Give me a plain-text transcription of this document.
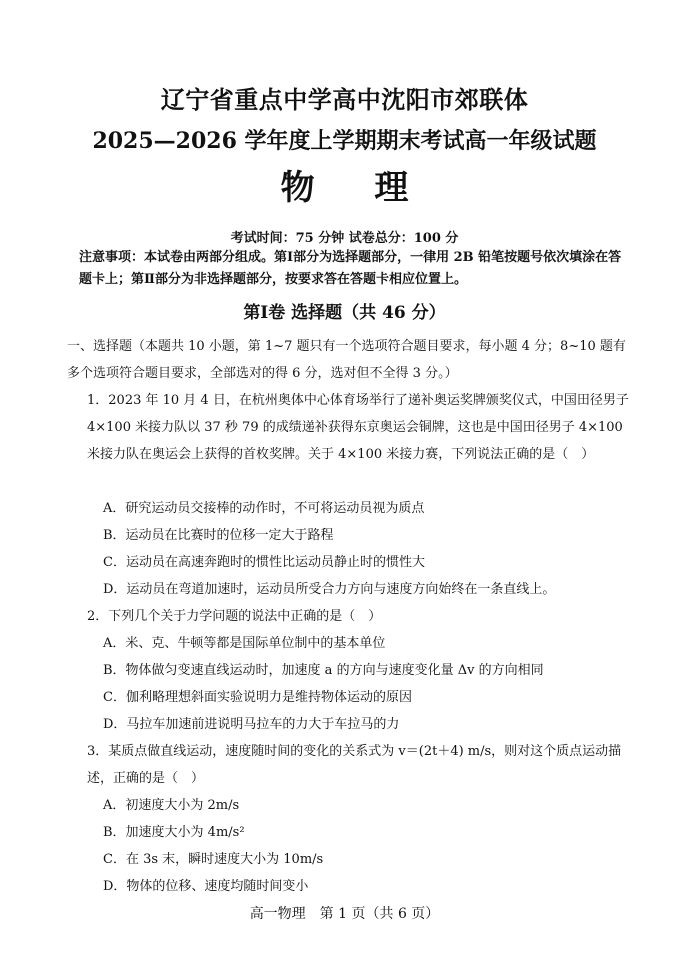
辽宁省重点中学高中沈阳市郊联体
2025—2026 学年度上学期期末考试高一年级试题
物 理
考试时间：75 分钟 试卷总分：100 分
注意事项：本试卷由两部分组成。第Ⅰ部分为选择题部分，一律用 2B 铅笔按题号依次填涂在答题卡上；第Ⅱ部分为非选择题部分，按要求答在答题卡相应位置上。
第Ⅰ卷 选择题（共 46 分）
一、选择题（本题共 10 小题，第 1~7 题只有一个选项符合题目要求，每小题 4 分；8~10 题有多个选项符合题目要求，全部选对的得 6 分，选对但不全得 3 分。）
1．2023 年 10 月 4 日，在杭州奥体中心体育场举行了递补奥运奖牌颁奖仪式，中国田径男子 4×100 米接力队以 37 秒 79 的成绩递补获得东京奥运会铜牌，这也是中国田径男子 4×100 米接力队在奥运会上获得的首枚奖牌。关于 4×100 米接力赛，下列说法正确的是（　）
A．研究运动员交接棒的动作时，不可将运动员视为质点
B．运动员在比赛时的位移一定大于路程
C．运动员在高速奔跑时的惯性比运动员静止时的惯性大
D．运动员在弯道加速时，运动员所受合力方向与速度方向始终在一条直线上。
2．下列几个关于力学问题的说法中正确的是（　）
A．米、克、牛顿等都是国际单位制中的基本单位
B．物体做匀变速直线运动时，加速度 a 的方向与速度变化量 Δv 的方向相同
C．伽利略理想斜面实验说明力是维持物体运动的原因
D．马拉车加速前进说明马拉车的力大于车拉马的力
3．某质点做直线运动，速度随时间的变化的关系式为 v＝(2t＋4) m/s，则对这个质点运动描述，正确的是（　）
A．初速度大小为 2m/s
B．加速度大小为 4m/s²
C．在 3s 末，瞬时速度大小为 10m/s
D．物体的位移、速度均随时间变小
高一物理　第 1 页（共 6 页）
